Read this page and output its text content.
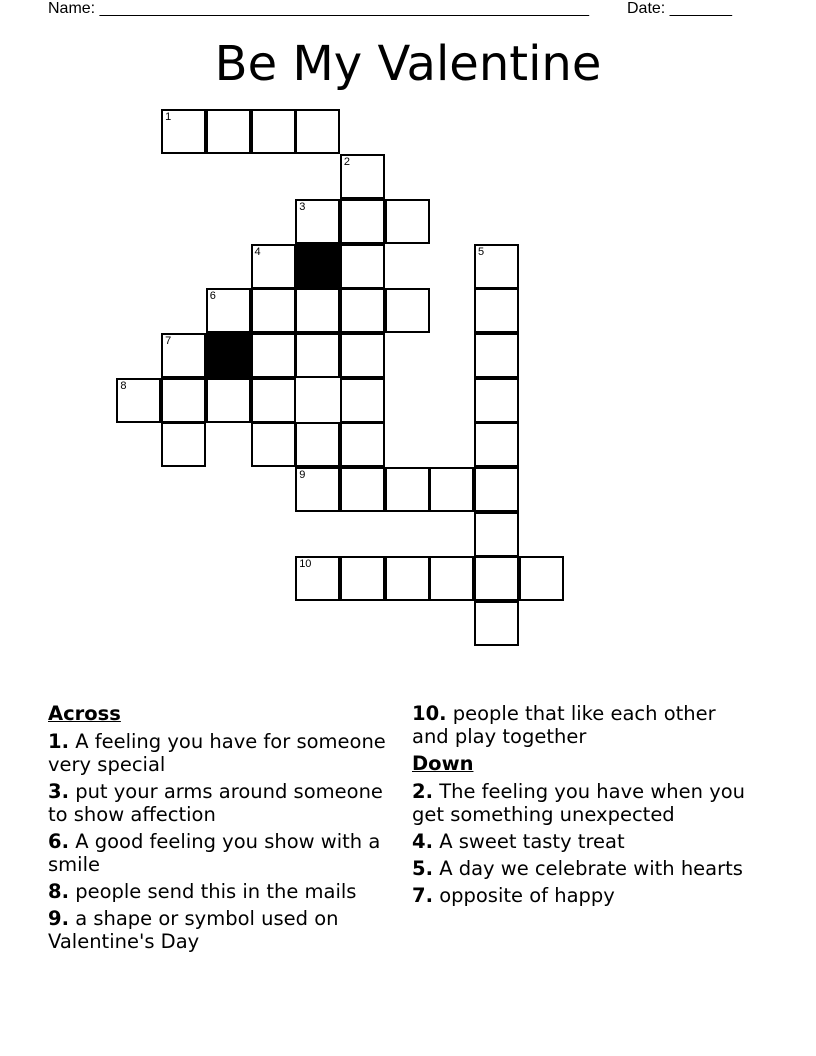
Name: _______________________________________________________ Date: _______
Be My Valentine
1
2
3
4	5
6
7
8
9
10
Across
1. A feeling you have for someone very special
3. put your arms around someone to show affection
6. A good feeling you show with a smile
8. people send this in the mails
9. a shape or symbol used on Valentine's Day
10. people that like each other and play together
Down
2. The feeling you have when you get something unexpected
4. A sweet tasty treat
5. A day we celebrate with hearts
7. opposite of happy
